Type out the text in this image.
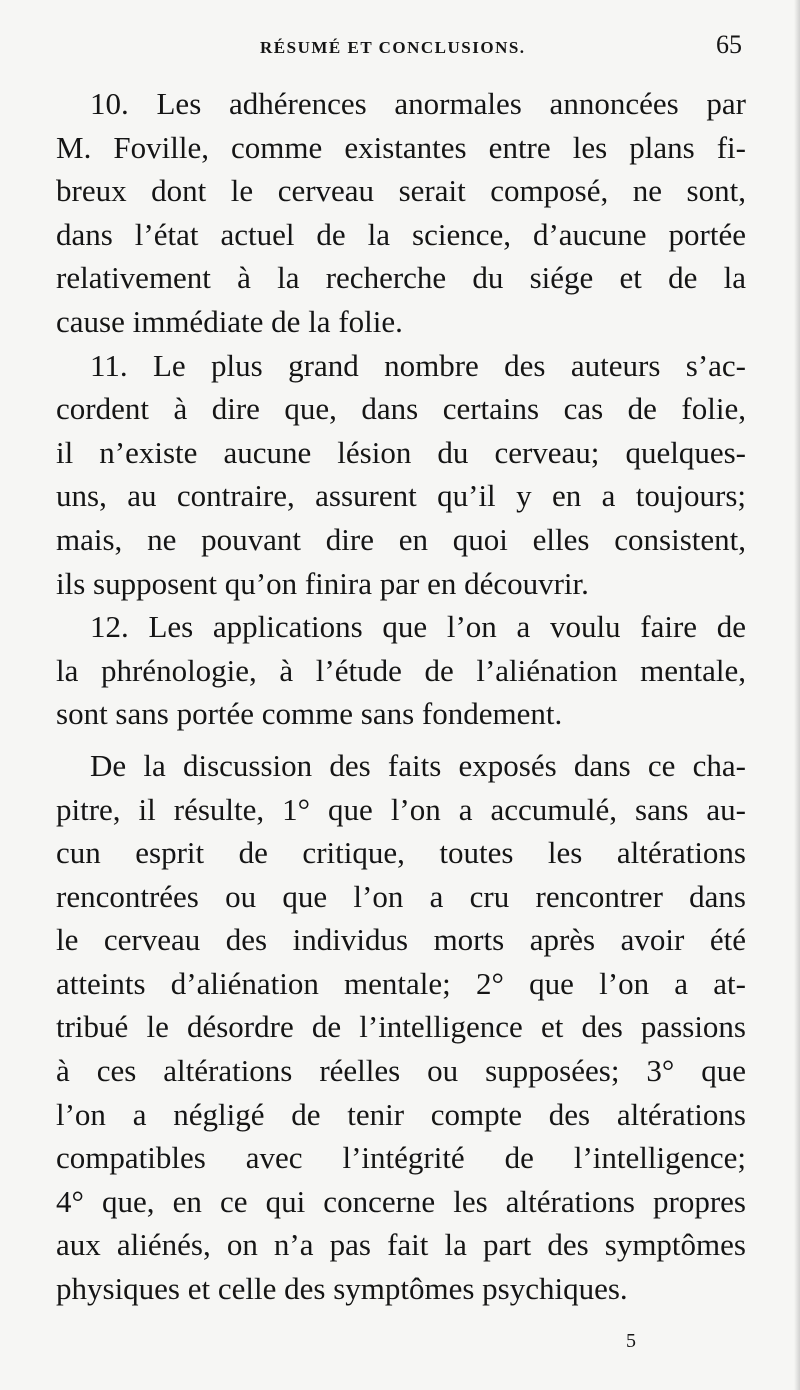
RÉSUMÉ ET CONCLUSIONS.	65
10. Les adhérences anormales annoncées par
M. Foville, comme existantes entre les plans fi-
breux dont le cerveau serait composé, ne sont,
dans l’état actuel de la science, d’aucune portée
relativement à la recherche du siége et de la
cause immédiate de la folie.
11. Le plus grand nombre des auteurs s’ac-
cordent à dire que, dans certains cas de folie,
il n’existe aucune lésion du cerveau; quelques-
uns, au contraire, assurent qu’il y en a toujours;
mais, ne pouvant dire en quoi elles consistent,
ils supposent qu’on finira par en découvrir.
12. Les applications que l’on a voulu faire de
la phrénologie, à l’étude de l’aliénation mentale,
sont sans portée comme sans fondement.
De la discussion des faits exposés dans ce cha-
pitre, il résulte, 1° que l’on a accumulé, sans au-
cun esprit de critique, toutes les altérations
rencontrées ou que l’on a cru rencontrer dans
le cerveau des individus morts après avoir été
atteints d’aliénation mentale; 2° que l’on a at-
tribué le désordre de l’intelligence et des passions
à ces altérations réelles ou supposées; 3° que
l’on a négligé de tenir compte des altérations
compatibles avec l’intégrité de l’intelligence;
4° que, en ce qui concerne les altérations propres
aux aliénés, on n’a pas fait la part des symptômes
physiques et celle des symptômes psychiques.
5
